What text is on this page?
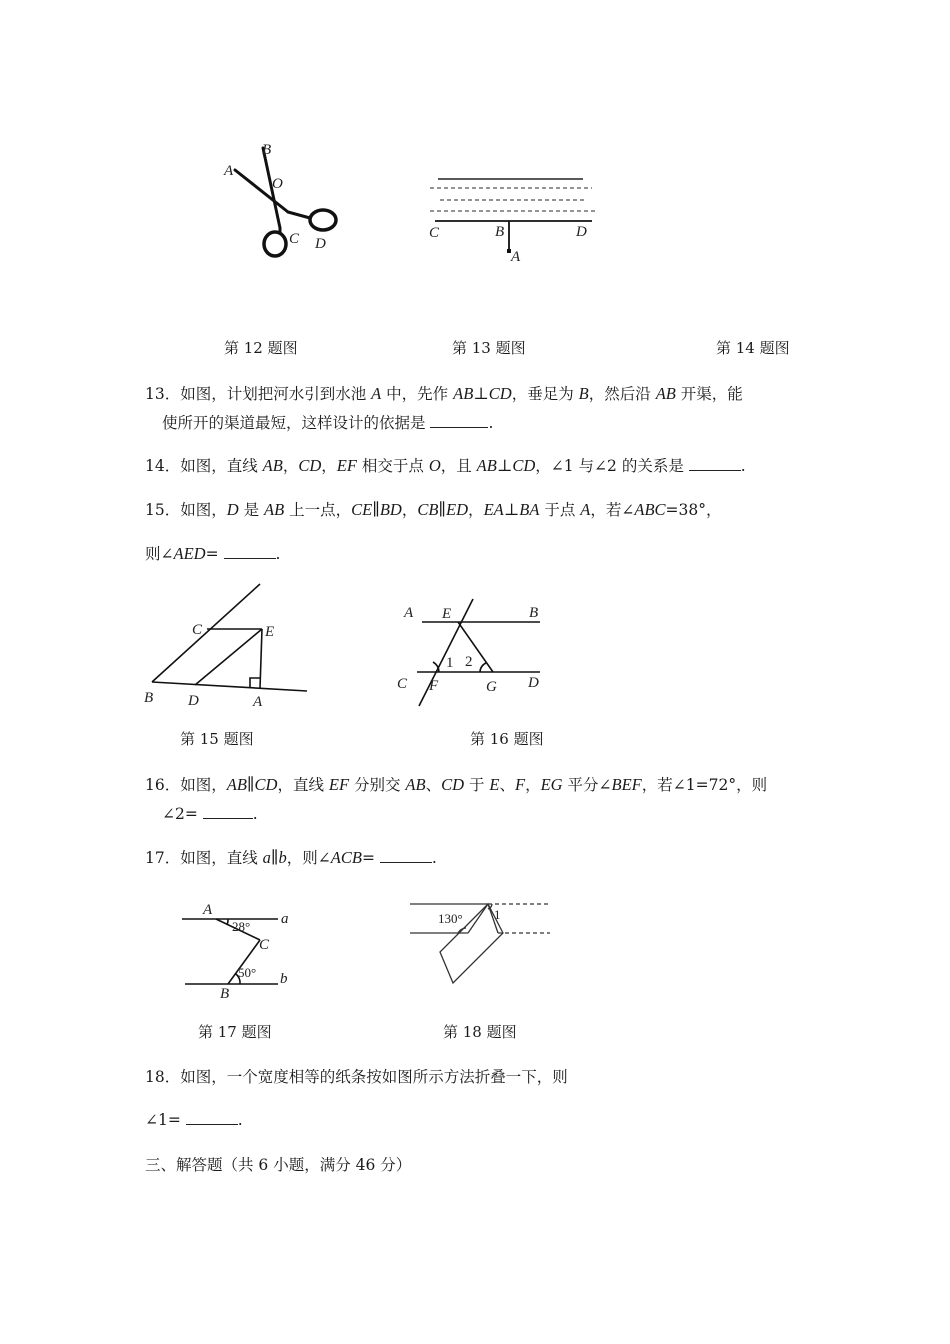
A
B
O
C D
C	B	D
A
第 12 题图	第 13 题图	第 14 题图
13．如图，计划把河水引到水池 A 中，先作 AB⊥CD，垂足为 B，然后沿 AB 开渠，能
使所开的渠道最短，这样设计的依据是	.
14．如图，直线 AB，CD，EF 相交于点 O，且 AB⊥CD，∠1 与∠2 的关系是	.
15．如图，D 是 AB 上一点，CE∥BD，CB∥ED，EA⊥BA 于点 A，若∠ABC=38°，
则∠AED=	.
C	E
B D	A
A E	B
C F	G D
1 2
第 15 题图	第 16 题图
16．如图，AB∥CD，直线 EF 分别交 AB、CD 于 E、F，EG 平分∠BEF，若∠1=72°，则
∠2=	.
17．如图，直线 a∥b，则∠ACB=	.
A
a
C
B
b
28°
50°
130° 1
第 17 题图	第 18 题图
18．如图，一个宽度相等的纸条按如图所示方法折叠一下，则
∠1=	.
三、解答题（共 6 小题，满分 46 分）
